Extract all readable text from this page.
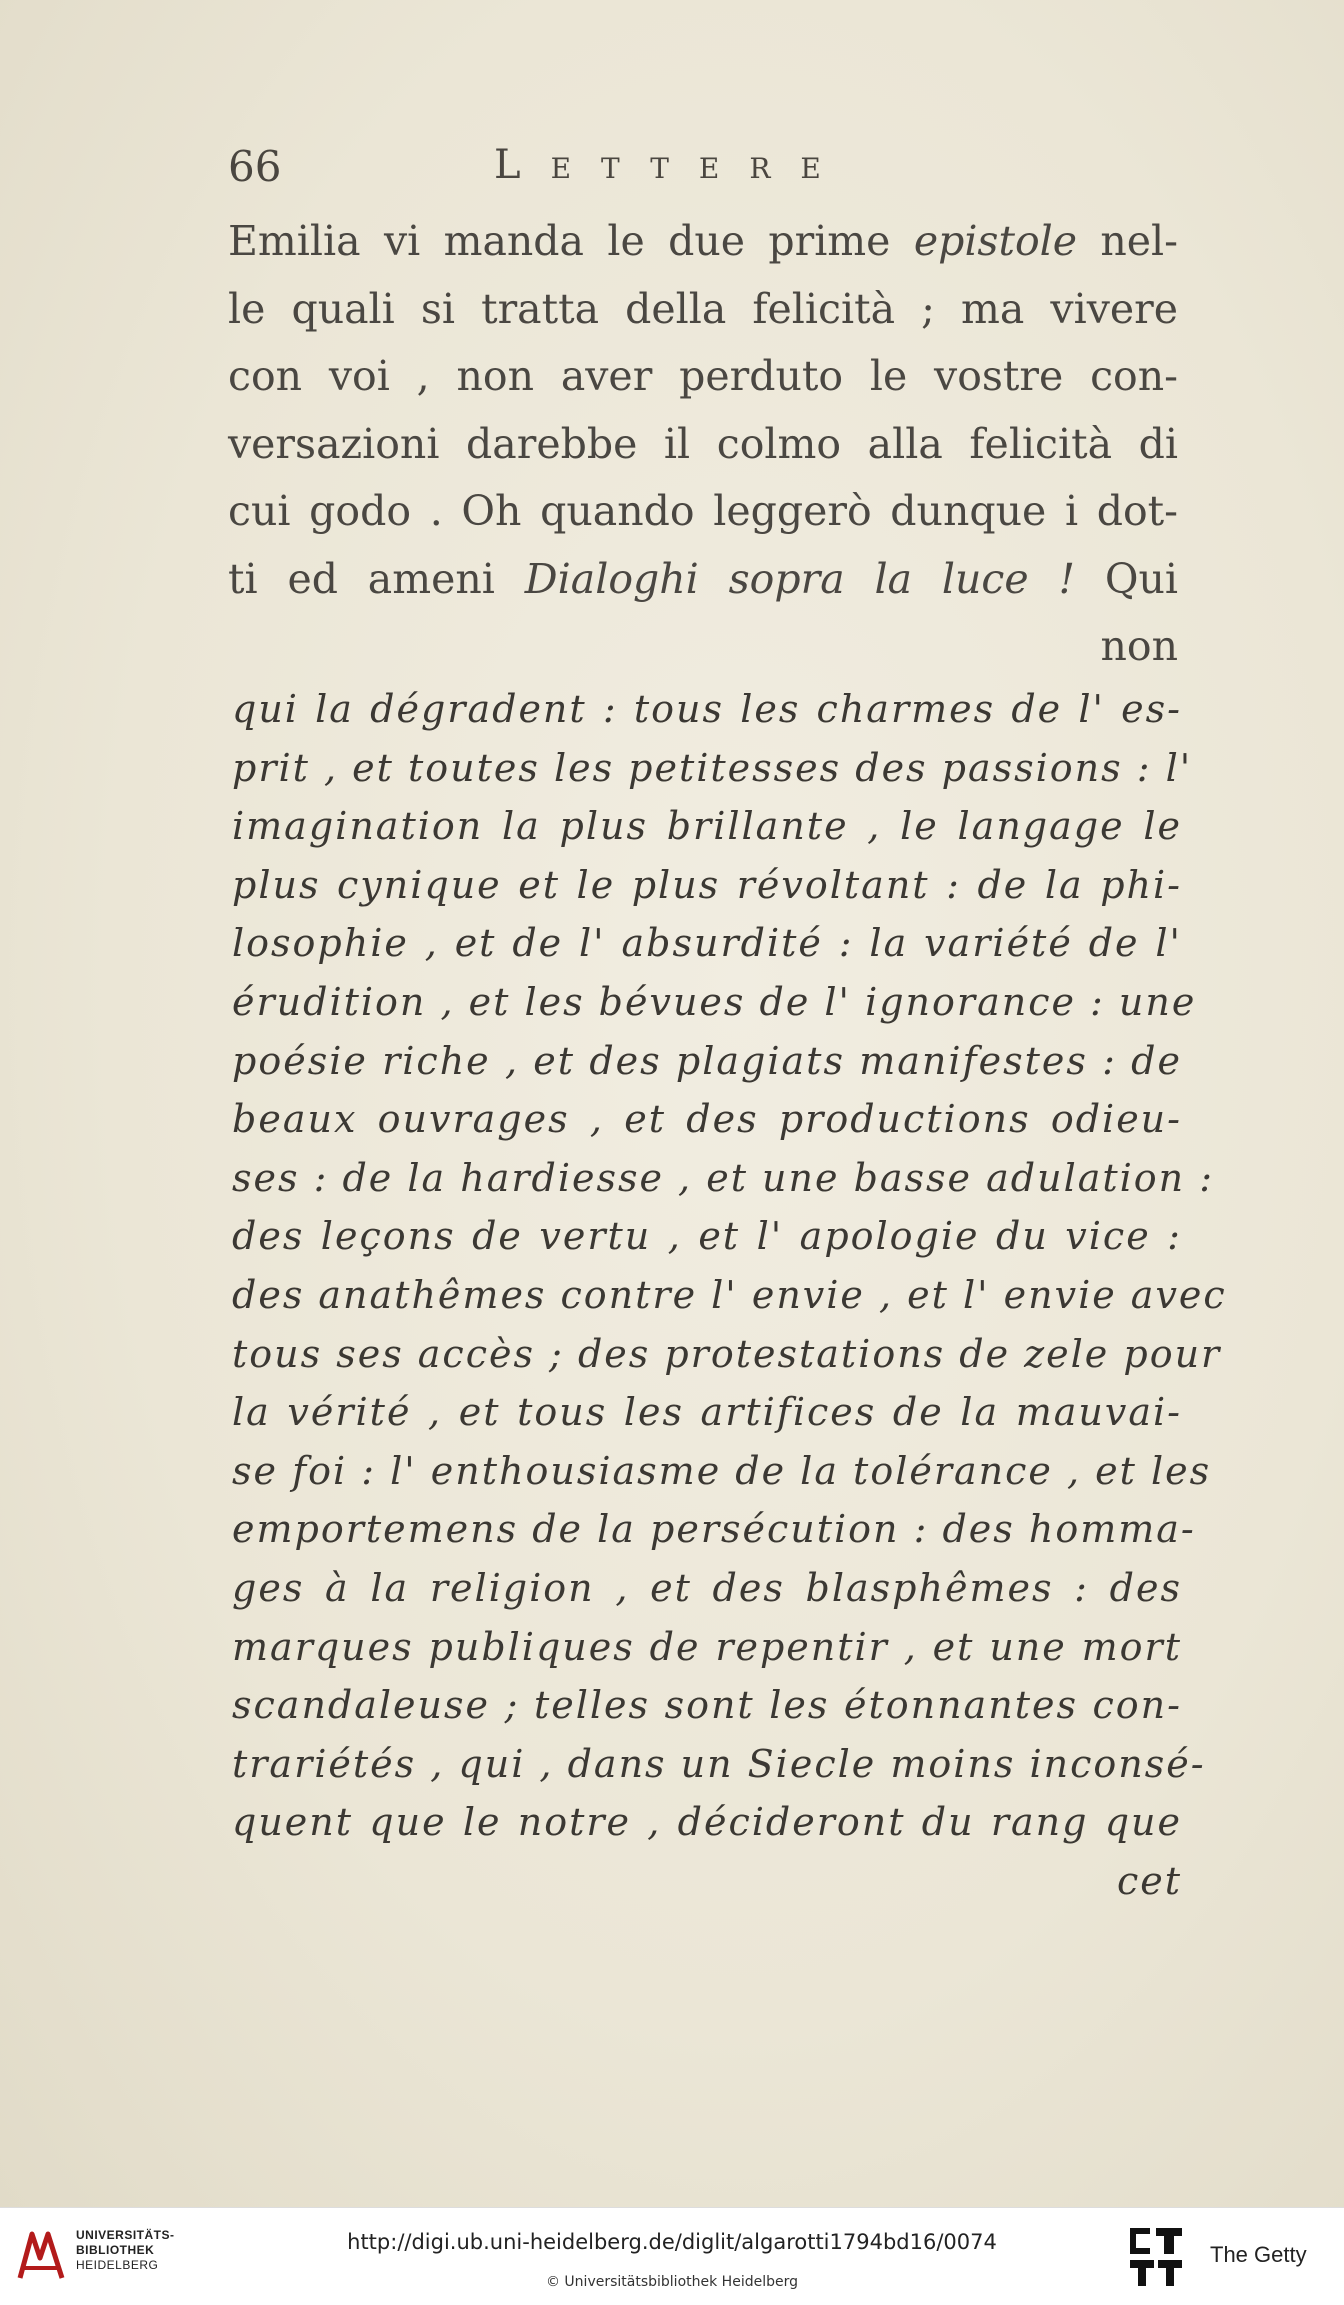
66	Lettere
Emilia vi manda le due prime epistole nel-
le quali si tratta della felicità ; ma vivere
con voi , non aver perduto le vostre con-
versazioni darebbe il colmo alla felicità di
cui godo . Oh quando leggerò dunque i dot-
ti ed ameni Dialoghi sopra la luce ! Qui
non
qui la dégradent : tous les charmes de l' es-
prit , et toutes les petitesses des passions : l'
imagination la plus brillante , le langage le
plus cynique et le plus révoltant : de la phi-
losophie , et de l' absurdité : la variété de l'
érudition , et les bévues de l' ignorance : une
poésie riche , et des plagiats manifestes : de
beaux ouvrages , et des productions odieu-
ses : de la hardiesse , et une basse adulation :
des leçons de vertu , et l' apologie du vice :
des anathêmes contre l' envie , et l' envie avec
tous ses accès ; des protestations de zele pour
la vérité , et tous les artifices de la mauvai-
se foi : l' enthousiasme de la tolérance , et les
emportemens de la persécution : des homma-
ges à la religion , et des blasphêmes : des
marques publiques de repentir , et une mort
scandaleuse ; telles sont les étonnantes con-
trariétés , qui , dans un Siecle moins inconsé-
quent que le notre , décideront du rang que
cet
UNIVERSITÄTS-
BIBLIOTHEK
HEIDELBERG
http://digi.ub.uni-heidelberg.de/diglit/algarotti1794bd16/0074
© Universitätsbibliothek Heidelberg
The Getty
